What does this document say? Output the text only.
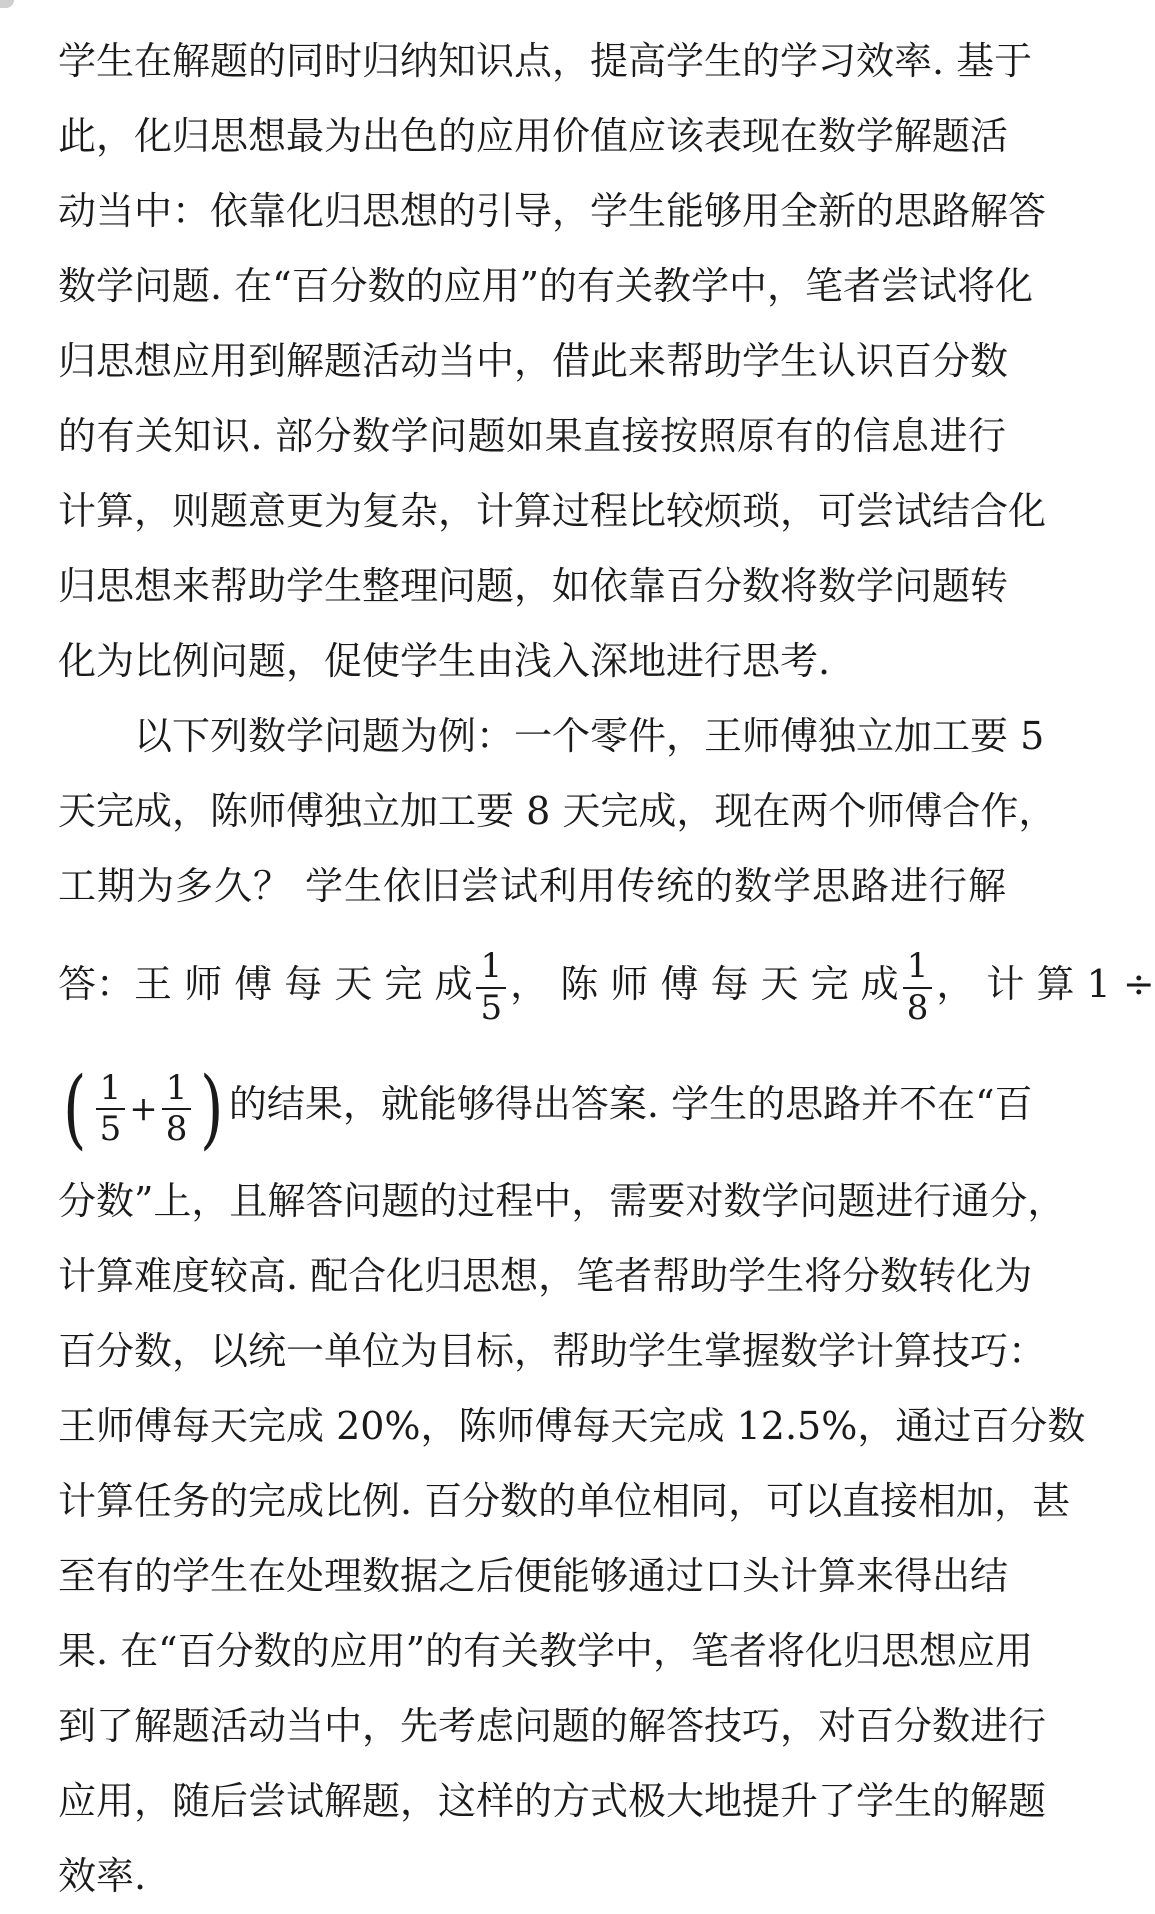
学生在解题的同时归纳知识点，提高学生的学习效率. 基于
此，化归思想最为出色的应用价值应该表现在数学解题活
动当中：依靠化归思想的引导，学生能够用全新的思路解答
数学问题. 在“百分数的应用”的有关教学中，笔者尝试将化
归思想应用到解题活动当中，借此来帮助学生认识百分数
的有关知识. 部分数学问题如果直接按照原有的信息进行
计算，则题意更为复杂，计算过程比较烦琐，可尝试结合化
归思想来帮助学生整理问题，如依靠百分数将数学问题转
化为比例问题，促使学生由浅入深地进行思考.
以下列数学问题为例：一个零件，王师傅独立加工要 5
天完成，陈师傅独立加工要 8 天完成，现在两个师傅合作，
工期为多久？ 学生依旧尝试利用传统的数学思路进行解
答：王 师 傅 每 天 完 成 $\frac{1}{5}$ ， 陈 师 傅 每 天 完 成 $\frac{1}{8}$ ， 计 算 1 ÷
( $\frac{1}{5} + \frac{1}{8}$ ) 的结果，就能够得出答案. 学生的思路并不在“百
分数”上，且解答问题的过程中，需要对数学问题进行通分，
计算难度较高. 配合化归思想，笔者帮助学生将分数转化为
百分数，以统一单位为目标，帮助学生掌握数学计算技巧：
王师傅每天完成 20%，陈师傅每天完成 12.5%，通过百分数
计算任务的完成比例. 百分数的单位相同，可以直接相加，甚
至有的学生在处理数据之后便能够通过口头计算来得出结
果. 在“百分数的应用”的有关教学中，笔者将化归思想应用
到了解题活动当中，先考虑问题的解答技巧，对百分数进行
应用，随后尝试解题，这样的方式极大地提升了学生的解题
效率.
